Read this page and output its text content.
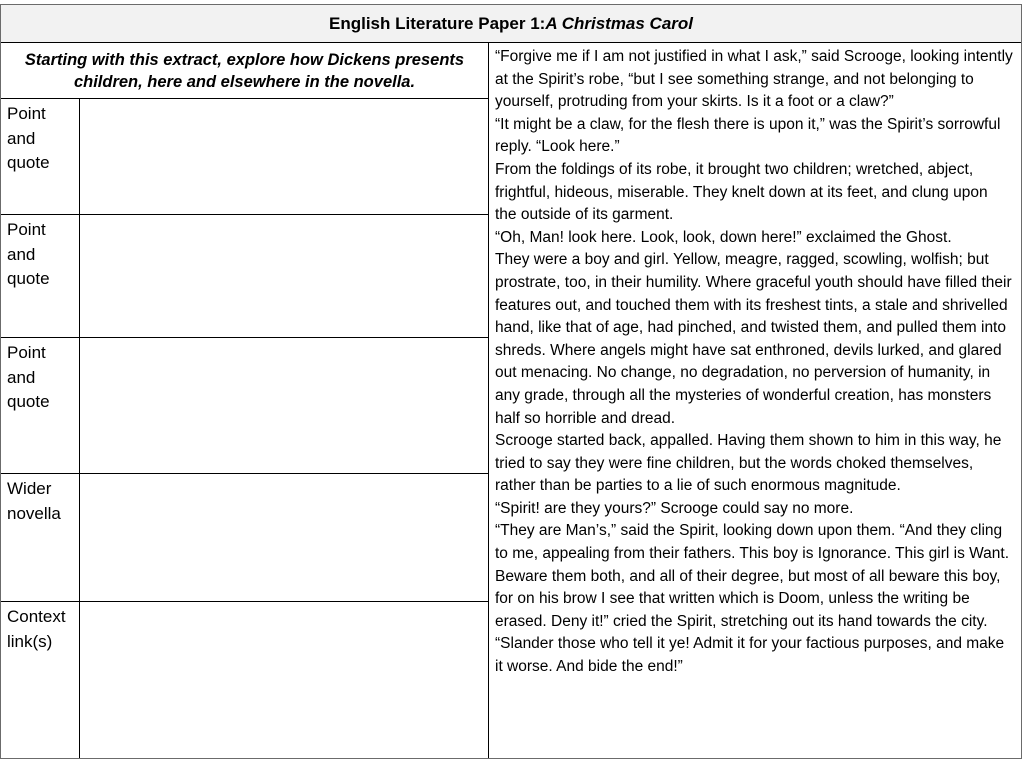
English Literature Paper 1: A Christmas Carol
Starting with this extract, explore how Dickens presents children, here and elsewhere in the novella.
Point and quote
Point and quote
Point and quote
Wider novella
Context link(s)

“Forgive me if I am not justified in what I ask,” said Scrooge, looking intently at the Spirit’s robe, “but I see something strange, and not belonging to yourself, protruding from your skirts. Is it a foot or a claw?”

“It might be a claw, for the flesh there is upon it,” was the Spirit’s sorrowful reply. “Look here.”

From the foldings of its robe, it brought two children; wretched, abject, frightful, hideous, miserable. They knelt down at its feet, and clung upon the outside of its garment.

“Oh, Man! look here. Look, look, down here!” exclaimed the Ghost.

They were a boy and girl. Yellow, meagre, ragged, scowling, wolfish; but prostrate, too, in their humility. Where graceful youth should have filled their features out, and touched them with its freshest tints, a stale and shrivelled hand, like that of age, had pinched, and twisted them, and pulled them into shreds. Where angels might have sat enthroned, devils lurked, and glared out menacing. No change, no degradation, no perversion of humanity, in any grade, through all the mysteries of wonderful creation, has monsters half so horrible and dread.

Scrooge started back, appalled. Having them shown to him in this way, he tried to say they were fine children, but the words choked themselves, rather than be parties to a lie of such enormous magnitude.

“Spirit! are they yours?” Scrooge could say no more.

“They are Man’s,” said the Spirit, looking down upon them. “And they cling to me, appealing from their fathers. This boy is Ignorance. This girl is Want. Beware them both, and all of their degree, but most of all beware this boy, for on his brow I see that written which is Doom, unless the writing be erased. Deny it!” cried the Spirit, stretching out its hand towards the city. “Slander those who tell it ye! Admit it for your factious purposes, and make it worse. And bide the end!”
